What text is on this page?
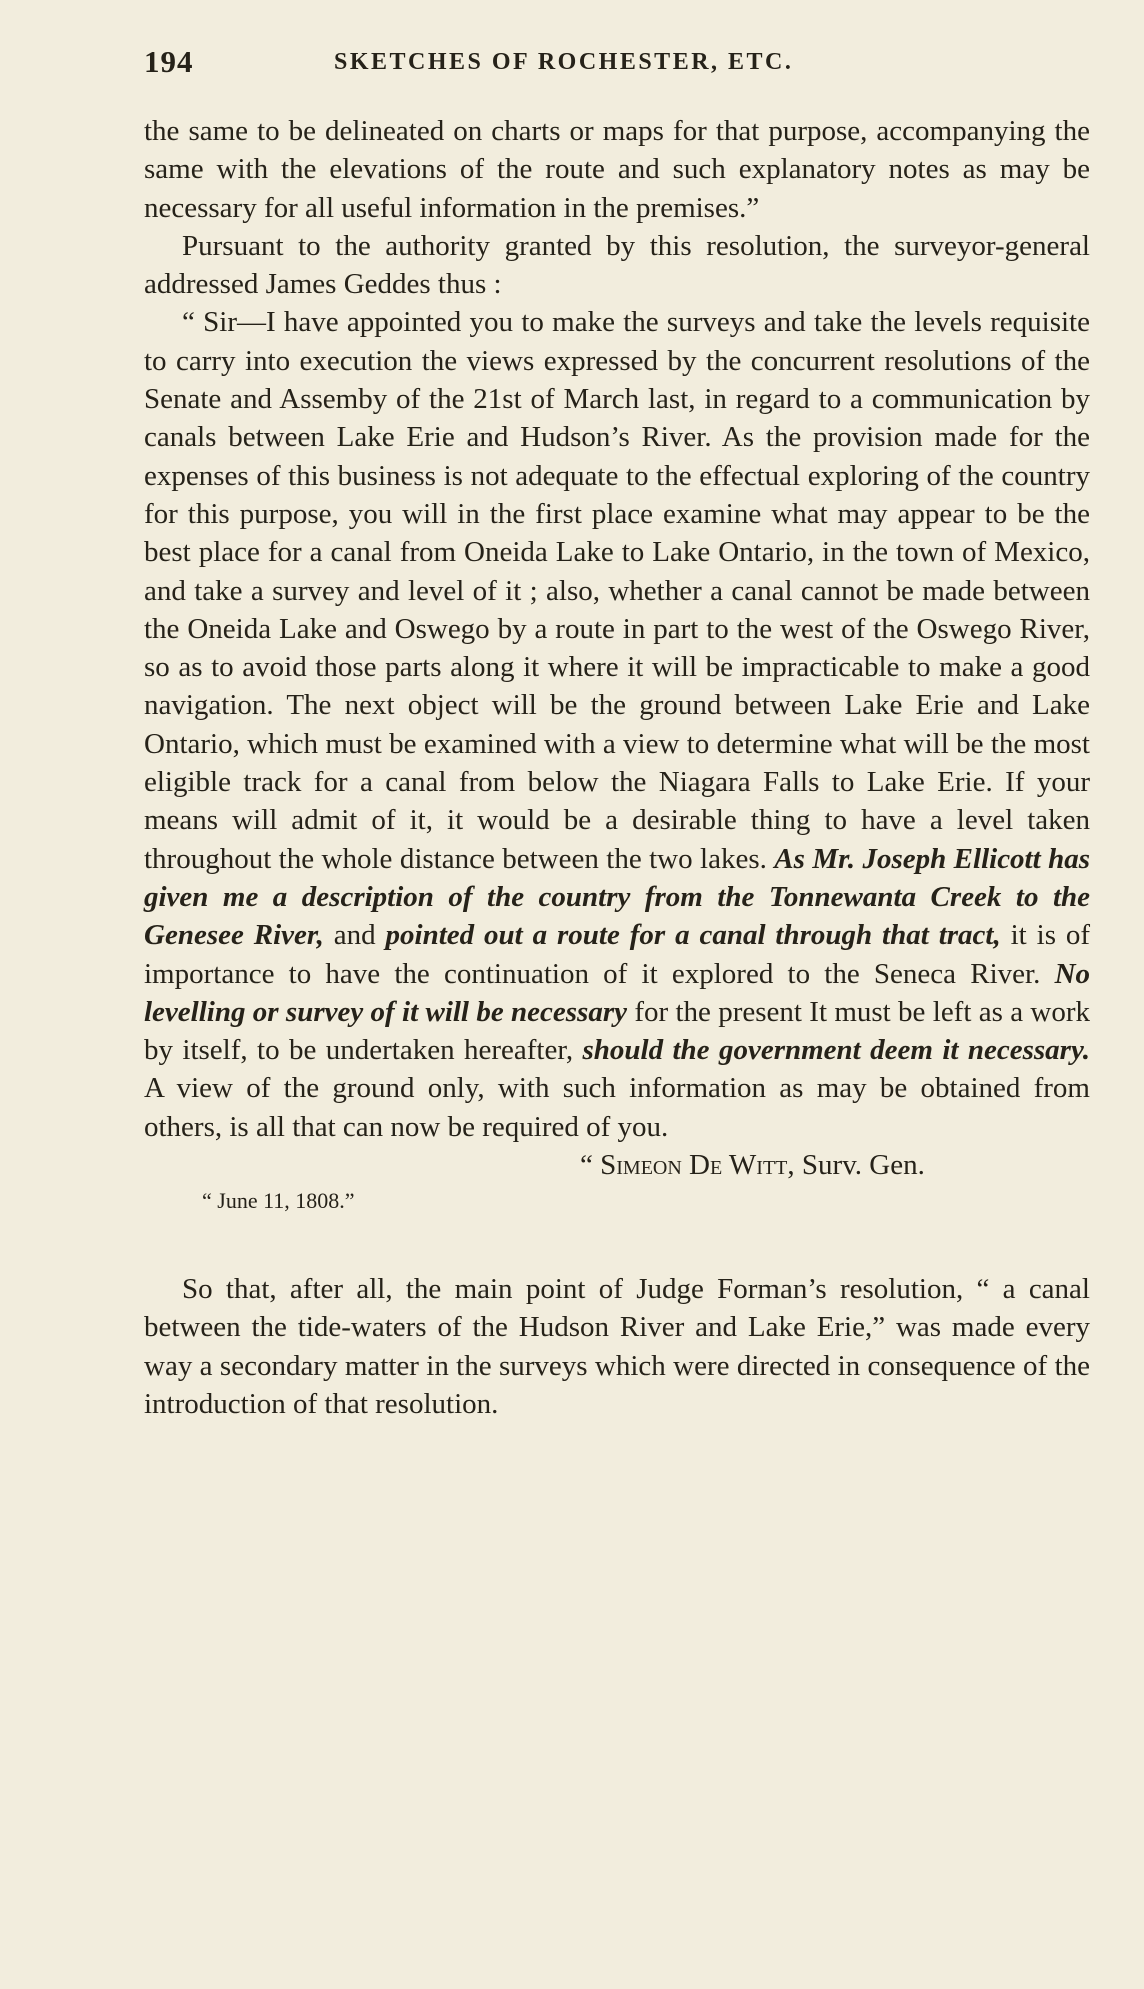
194	SKETCHES OF ROCHESTER, ETC.

the same to be delineated on charts or maps for that purpose, accompanying the same with the elevations of the route and such explanatory notes as may be necessary for all useful information in the premises.”

Pursuant to the authority granted by this resolution, the surveyor-general addressed James Geddes thus :

“ Sir—I have appointed you to make the surveys and take the levels requisite to carry into execution the views expressed by the concurrent resolutions of the Senate and Assemby of the 21st of March last, in regard to a communication by canals between Lake Erie and Hudson’s River. As the provision made for the expenses of this business is not adequate to the effectual exploring of the country for this purpose, you will in the first place examine what may appear to be the best place for a canal from Oneida Lake to Lake Ontario, in the town of Mexico, and take a survey and level of it ; also, whether a canal cannot be made between the Oneida Lake and Oswego by a route in part to the west of the Oswego River, so as to avoid those parts along it where it will be impracticable to make a good navigation. The next object will be the ground between Lake Erie and Lake Ontario, which must be examined with a view to determine what will be the most eligible track for a canal from below the Niagara Falls to Lake Erie. If your means will admit of it, it would be a desirable thing to have a level taken throughout the whole distance between the two lakes. As Mr. Joseph Ellicott has given me a description of the country from the Tonnewanta Creek to the Genesee River, and pointed out a route for a canal through that tract, it is of importance to have the continuation of it explored to the Seneca River. No levelling or survey of it will be necessary for the present It must be left as a work by itself, to be undertaken hereafter, should the government deem it necessary. A view of the ground only, with such information as may be obtained from others, is all that can now be required of you.

“ Simeon De Witt, Surv. Gen.

“ June 11, 1808.”

So that, after all, the main point of Judge Forman’s resolution, “ a canal between the tide-waters of the Hudson River and Lake Erie,” was made every way a secondary matter in the surveys which were directed in consequence of the introduction of that resolution.
